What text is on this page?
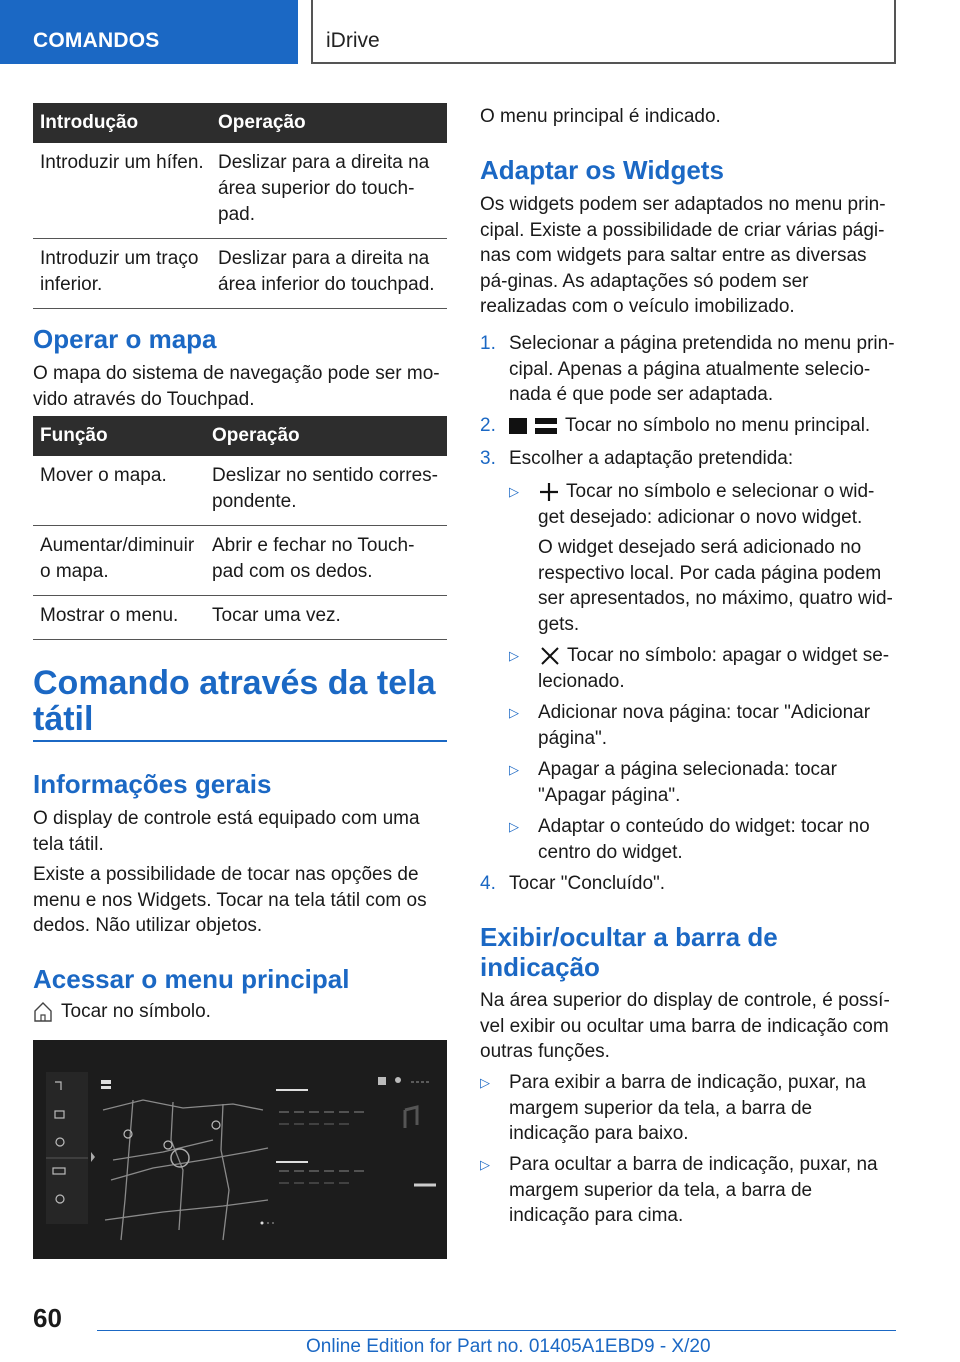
COMANDOS	iDrive
Introdução	Operação
Introduzir um hífen.	Deslizar para a direita na área superior do touch-pad.
Introduzir um traço inferior.	Deslizar para a direita na área inferior do touchpad.
Operar o mapa
O mapa do sistema de navegação pode ser mo-vido através do Touchpad.
Função	Operação
Mover o mapa.	Deslizar no sentido corres-pondente.
Aumentar/diminuir o mapa.	Abrir e fechar no Touch-pad com os dedos.
Mostrar o menu.	Tocar uma vez.
Comando através da tela tátil
Informações gerais
O display de controle está equipado com uma tela tátil.
Existe a possibilidade de tocar nas opções de menu e nos Widgets. Tocar na tela tátil com os dedos. Não utilizar objetos.
Acessar o menu principal
Tocar no símbolo.
O menu principal é indicado.
Adaptar os Widgets
Os widgets podem ser adaptados no menu prin-cipal. Existe a possibilidade de criar várias pági-nas com widgets para saltar entre as diversas pá-ginas. As adaptações só podem ser realizadas com o veículo imobilizado.
1. Selecionar a página pretendida no menu prin-cipal. Apenas a página atualmente selecio-nada é que pode ser adaptada.
2.	Tocar no símbolo no menu principal.
3. Escolher a adaptação pretendida:
▷	Tocar no símbolo e selecionar o wid-get desejado: adicionar o novo widget.
O widget desejado será adicionado no respectivo local. Por cada página podem ser apresentados, no máximo, quatro wid-gets.
▷	Tocar no símbolo: apagar o widget se-lecionado.
▷ Adicionar nova página: tocar "Adicionar página".
▷ Apagar a página selecionada: tocar "Apagar página".
▷ Adaptar o conteúdo do widget: tocar no centro do widget.
4. Tocar "Concluído".
Exibir/ocultar a barra de indicação
Na área superior do display de controle, é possí-vel exibir ou ocultar uma barra de indicação com outras funções.
▷ Para exibir a barra de indicação, puxar, na margem superior da tela, a barra de indicação para baixo.
▷ Para ocultar a barra de indicação, puxar, na margem superior da tela, a barra de indicação para cima.
60
Online Edition for Part no. 01405A1EBD9 - X/20
